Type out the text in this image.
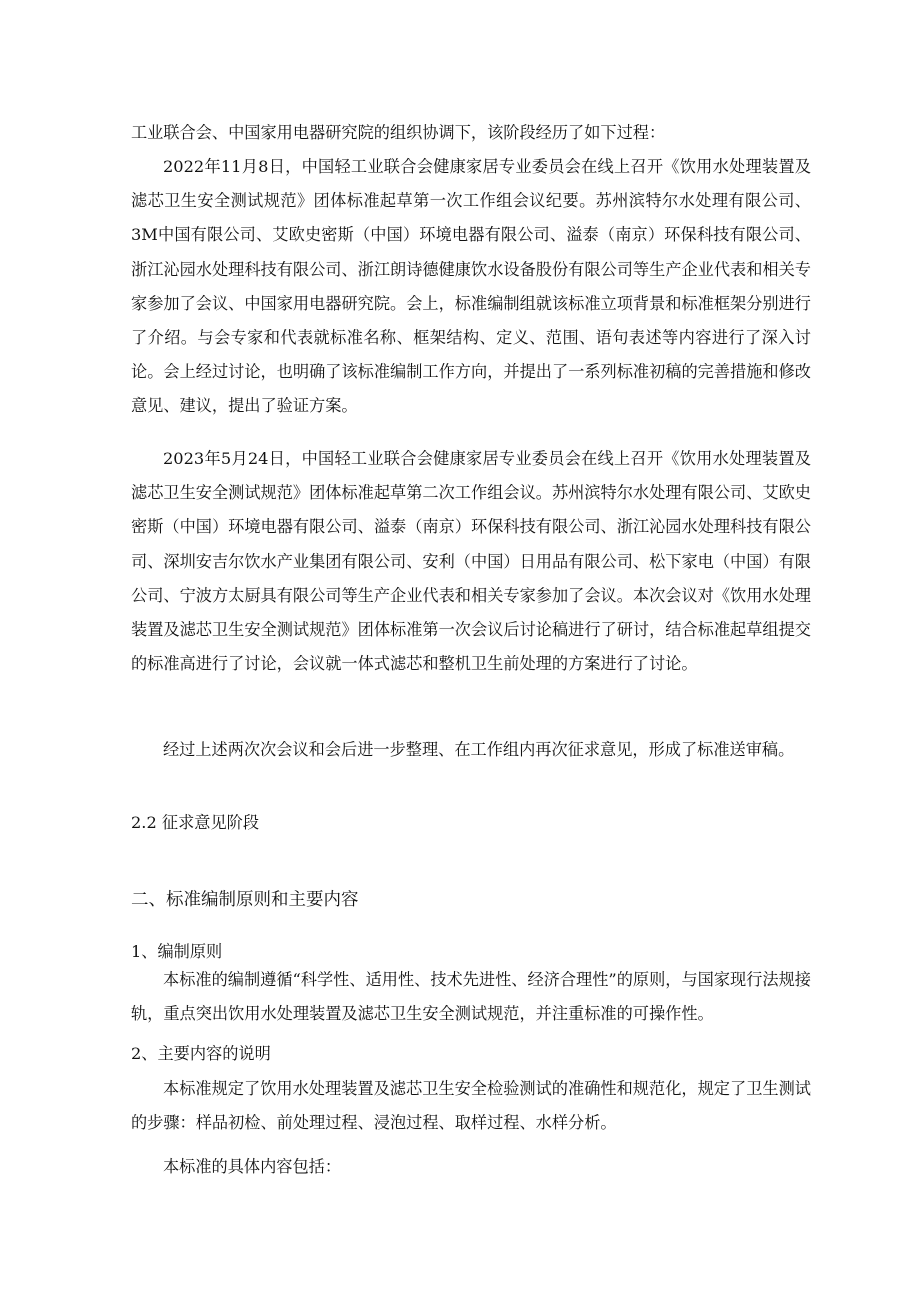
工业联合会、中国家用电器研究院的组织协调下，该阶段经历了如下过程：

2022年11月8日，中国轻工业联合会健康家居专业委员会在线上召开《饮用水处理装置及滤芯卫生安全测试规范》团体标准起草第一次工作组会议纪要。苏州滨特尔水处理有限公司、3M中国有限公司、艾欧史密斯（中国）环境电器有限公司、溢泰（南京）环保科技有限公司、浙江沁园水处理科技有限公司、浙江朗诗德健康饮水设备股份有限公司等生产企业代表和相关专家参加了会议、中国家用电器研究院。会上，标准编制组就该标准立项背景和标准框架分别进行了介绍。与会专家和代表就标准名称、框架结构、定义、范围、语句表述等内容进行了深入讨论。会上经过讨论，也明确了该标准编制工作方向，并提出了一系列标准初稿的完善措施和修改意见、建议，提出了验证方案。

2023年5月24日，中国轻工业联合会健康家居专业委员会在线上召开《饮用水处理装置及滤芯卫生安全测试规范》团体标准起草第二次工作组会议。苏州滨特尔水处理有限公司、艾欧史密斯（中国）环境电器有限公司、溢泰（南京）环保科技有限公司、浙江沁园水处理科技有限公司、深圳安吉尔饮水产业集团有限公司、安利（中国）日用品有限公司、松下家电（中国）有限公司、宁波方太厨具有限公司等生产企业代表和相关专家参加了会议。本次会议对《饮用水处理装置及滤芯卫生安全测试规范》团体标准第一次会议后讨论稿进行了研讨，结合标准起草组提交的标准高进行了讨论，会议就一体式滤芯和整机卫生前处理的方案进行了讨论。

经过上述两次次会议和会后进一步整理、在工作组内再次征求意见，形成了标准送审稿。

2.2 征求意见阶段

二、标准编制原则和主要内容

1、编制原则

本标准的编制遵循“科学性、适用性、技术先进性、经济合理性”的原则，与国家现行法规接轨，重点突出饮用水处理装置及滤芯卫生安全测试规范，并注重标准的可操作性。

2、主要内容的说明

本标准规定了饮用水处理装置及滤芯卫生安全检验测试的准确性和规范化，规定了卫生测试的步骤：样品初检、前处理过程、浸泡过程、取样过程、水样分析。

本标准的具体内容包括：
